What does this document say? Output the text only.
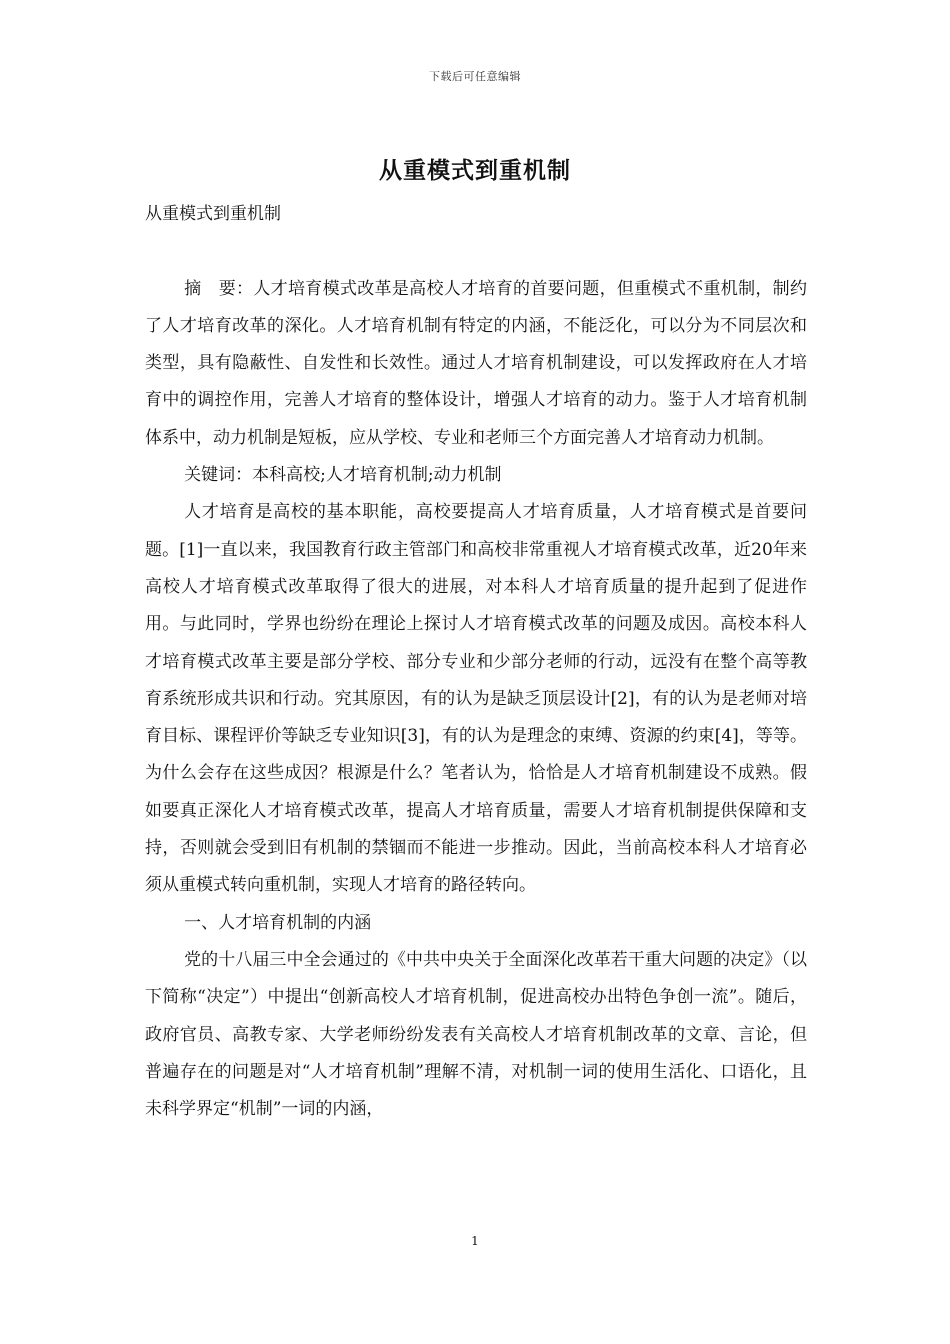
下载后可任意编辑
从重模式到重机制

从重模式到重机制

摘　要：人才培育模式改革是高校人才培育的首要问题，但重模式不重机制，制约了人才培育改革的深化。人才培育机制有特定的内涵，不能泛化，可以分为不同层次和类型，具有隐蔽性、自发性和长效性。通过人才培育机制建设，可以发挥政府在人才培育中的调控作用，完善人才培育的整体设计，增强人才培育的动力。鉴于人才培育机制体系中，动力机制是短板，应从学校、专业和老师三个方面完善人才培育动力机制。

关键词：本科高校;人才培育机制;动力机制

人才培育是高校的基本职能，高校要提高人才培育质量，人才培育模式是首要问题。[1]一直以来，我国教育行政主管部门和高校非常重视人才培育模式改革，近20年来高校人才培育模式改革取得了很大的进展，对本科人才培育质量的提升起到了促进作用。与此同时，学界也纷纷在理论上探讨人才培育模式改革的问题及成因。高校本科人才培育模式改革主要是部分学校、部分专业和少部分老师的行动，远没有在整个高等教育系统形成共识和行动。究其原因，有的认为是缺乏顶层设计[2]，有的认为是老师对培育目标、课程评价等缺乏专业知识[3]，有的认为是理念的束缚、资源的约束[4]，等等。为什么会存在这些成因？根源是什么？笔者认为，恰恰是人才培育机制建设不成熟。假如要真正深化人才培育模式改革，提高人才培育质量，需要人才培育机制提供保障和支持，否则就会受到旧有机制的禁锢而不能进一步推动。因此，当前高校本科人才培育必须从重模式转向重机制，实现人才培育的路径转向。

一、人才培育机制的内涵

党的十八届三中全会通过的《中共中央关于全面深化改革若干重大问题的决定》（以下简称“决定”）中提出“创新高校人才培育机制，促进高校办出特色争创一流”。随后，政府官员、高教专家、大学老师纷纷发表有关高校人才培育机制改革的文章、言论，但普遍存在的问题是对“人才培育机制”理解不清，对机制一词的使用生活化、口语化，且未科学界定“机制”一词的内涵，

1
